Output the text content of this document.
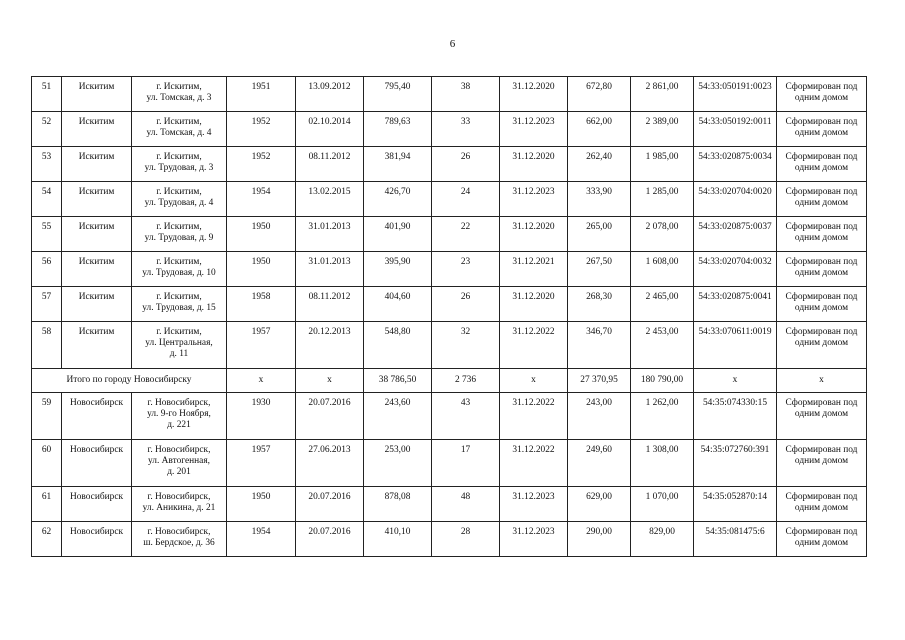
6
51	Искитим	г. Искитим,
ул. Томская, д. 3	1951	13.09.2012	795,40	38	31.12.2020	672,80	2 861,00	54:33:050191:0023	Сформирован под
одним домом
52	Искитим	г. Искитим,
ул. Томская, д. 4	1952	02.10.2014	789,63	33	31.12.2023	662,00	2 389,00	54:33:050192:0011	Сформирован под
одним домом
53	Искитим	г. Искитим,
ул. Трудовая, д. 3	1952	08.11.2012	381,94	26	31.12.2020	262,40	1 985,00	54:33:020875:0034	Сформирован под
одним домом
54	Искитим	г. Искитим,
ул. Трудовая, д. 4	1954	13.02.2015	426,70	24	31.12.2023	333,90	1 285,00	54:33:020704:0020	Сформирован под
одним домом
55	Искитим	г. Искитим,
ул. Трудовая, д. 9	1950	31.01.2013	401,90	22	31.12.2020	265,00	2 078,00	54:33:020875:0037	Сформирован под
одним домом
56	Искитим	г. Искитим,
ул. Трудовая, д. 10	1950	31.01.2013	395,90	23	31.12.2021	267,50	1 608,00	54:33:020704:0032	Сформирован под
одним домом
57	Искитим	г. Искитим,
ул. Трудовая, д. 15	1958	08.11.2012	404,60	26	31.12.2020	268,30	2 465,00	54:33:020875:0041	Сформирован под
одним домом
58	Искитим	г. Искитим,
ул. Центральная,
д. 11	1957	20.12.2013	548,80	32	31.12.2022	346,70	2 453,00	54:33:070611:0019	Сформирован под
одним домом
Итого по городу Новосибирску			х	х	38 786,50	2 736	х	27 370,95	180 790,00	х	х
59	Новосибирск	г. Новосибирск,
ул. 9-го Ноября,
д. 221	1930	20.07.2016	243,60	43	31.12.2022	243,00	1 262,00	54:35:074330:15	Сформирован под
одним домом
60	Новосибирск	г. Новосибирск,
ул. Автогенная,
д. 201	1957	27.06.2013	253,00	17	31.12.2022	249,60	1 308,00	54:35:072760:391	Сформирован под
одним домом
61	Новосибирск	г. Новосибирск,
ул. Аникина, д. 21	1950	20.07.2016	878,08	48	31.12.2023	629,00	1 070,00	54:35:052870:14	Сформирован под
одним домом
62	Новосибирск	г. Новосибирск,
ш. Бердское, д. 36	1954	20.07.2016	410,10	28	31.12.2023	290,00	829,00	54:35:081475:6	Сформирован под
одним домом
